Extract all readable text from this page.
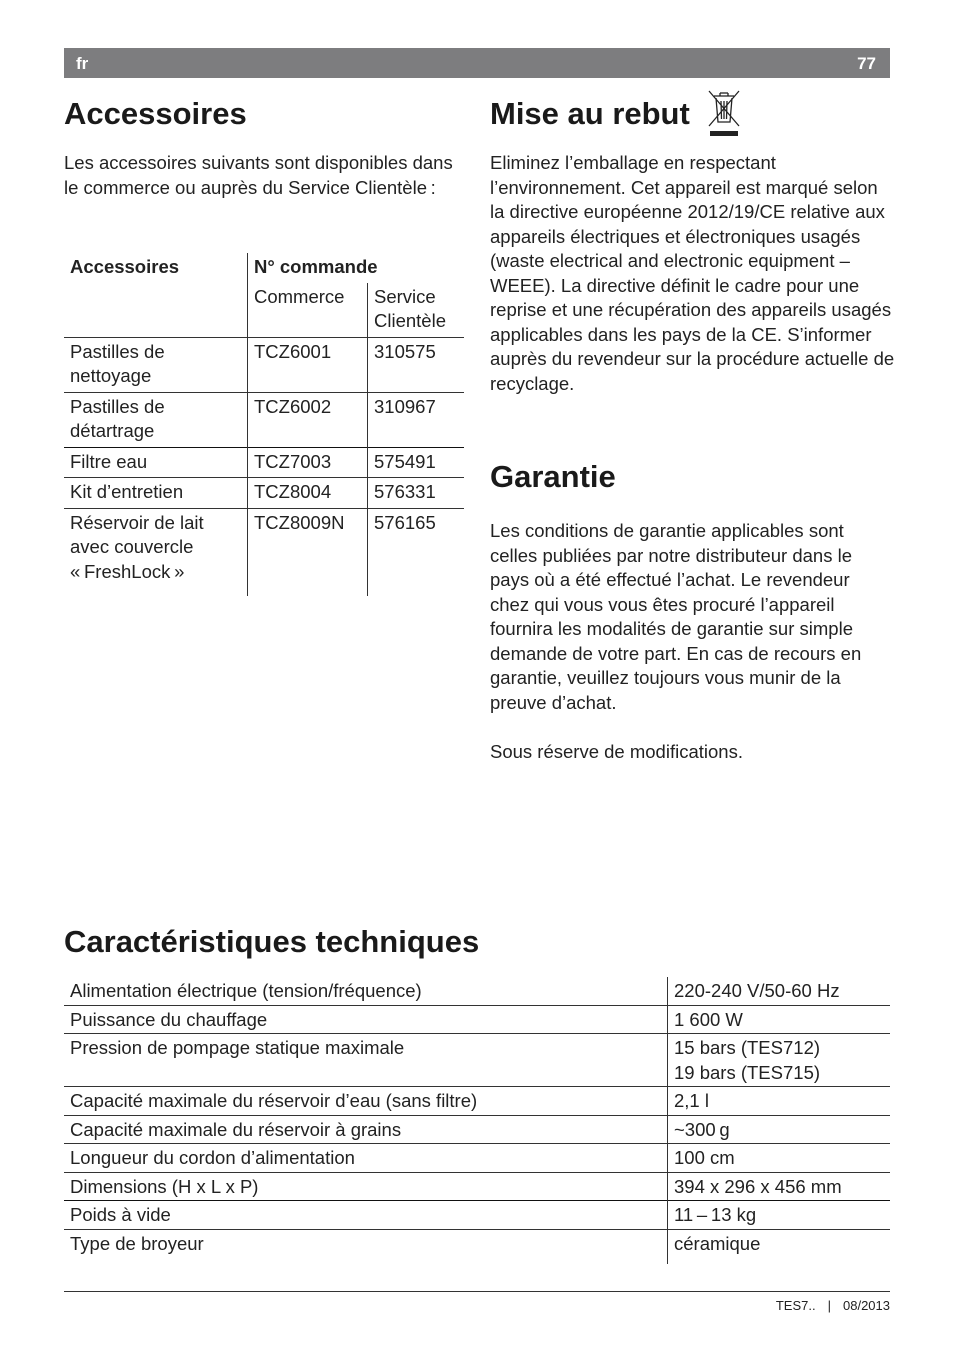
fr	77
Accessoires

Les accessoires suivants sont disponibles dans le commerce ou auprès du Service Clientèle :

Accessoires	N° commande	
	Commerce	Service Clientèle
Pastilles de nettoyage	TCZ6001	310575
Pastilles de détartrage	TCZ6002	310967
Filtre eau	TCZ7003	575491
Kit d’entretien	TCZ8004	576331
Réservoir de lait avec couvercle « FreshLock »	TCZ8009N	576165
Mise au rebut

Eliminez l’emballage en respectant l’environnement. Cet appareil est marqué selon la directive européenne 2012/19/CE relative aux appareils électriques et électroniques usagés (waste electrical and electronic equipment – WEEE). La directive définit le cadre pour une reprise et une récupération des appareils usagés applicables dans les pays de la CE. S’informer auprès du revendeur sur la procédure actuelle de recyclage.

Garantie

Les conditions de garantie applicables sont celles publiées par notre distributeur dans le pays où a été effectué l’achat. Le revendeur chez qui vous vous êtes procuré l’appareil fournira les modalités de garantie sur simple demande de votre part. En cas de recours en garantie, veuillez toujours vous munir de la preuve d’achat.

Sous réserve de modifications.

Caractéristiques techniques
Alimentation électrique (tension/fréquence)	220-240 V/50-60 Hz
Puissance du chauffage	1 600 W
Pression de pompage statique maximale	15 bars (TES712)
19 bars (TES715)

Capacité maximale du réservoir d’eau (sans filtre)	2,1 l
Capacité maximale du réservoir à grains	~300 g
Longueur du cordon d’alimentation	100 cm
Dimensions (H x L x P)	394 x 296 x 456 mm
Poids à vide	11 – 13 kg
Type de broyeur	céramique
TES7.. | 08/2013
